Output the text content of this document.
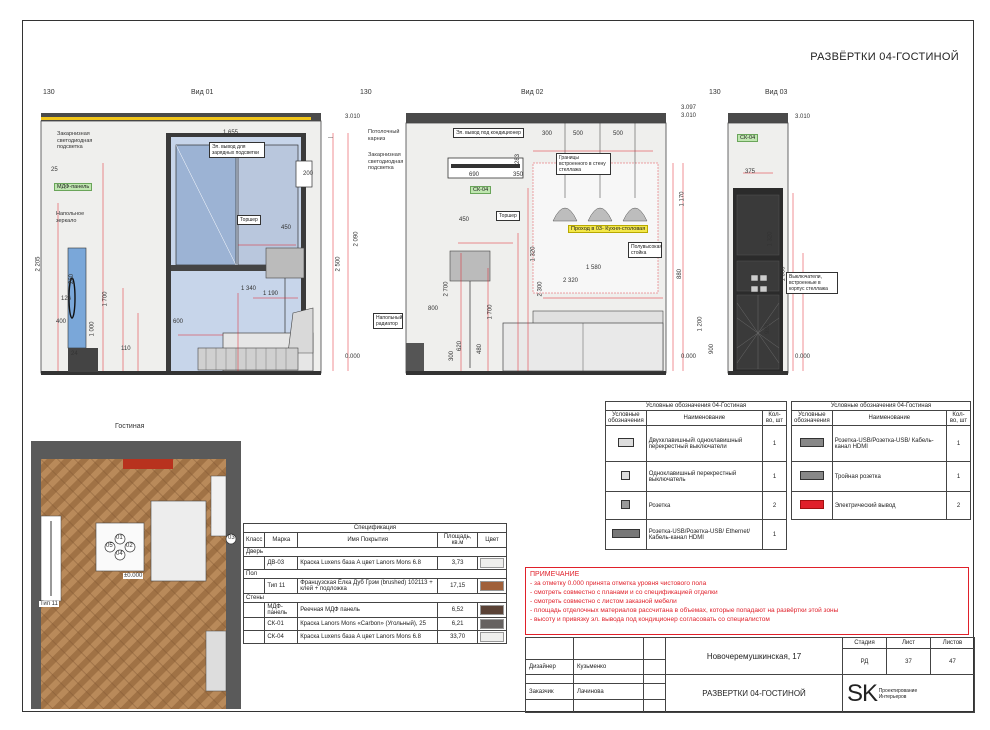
РАЗВЁРТКИ 04-ГОСТИНОЙ
130	Вид 01
—
Закарнизная светодиодная подсветка
МДФ-панель
Напольное зеркало
Эл. вывод для зарядных подсветки
Торшер
1 655
3.010
0.000
2 205
2 090
2 500
1 700
1 340
1 190
1 000	600
400
450
260
200
126
110
25
24
130	Вид 02
Потолочный карниз
Закарнизная светодиодная подсветка
Эл. вывод под кондиционер
Границы встроенного в стену стеллажа
СК-04
Торшер
Проход в 03- Кухня-столовая
Полувысокая стойка
Напольный радиатор
3.097
3.010
0.000
300	500	500
690	350
450
1 580
2 320
2 700	2 300
1 320
1 170
880
800
620
300
480
1 700
283
130	Вид 03
СК-04
Выключатели, встроенные в корпус стеллажа
3.010
0.000
375
1 320
1 200
1 000
980
900
Гостиная
01
02
03
04
05
±0.000
Тип 11
Спецификация				
Класс	Марка	Имя Покрытия	Площадь, кв.м	Цвет
Дверь				
	ДВ-03	Краска Luxens база А цвет Lanors Mons 6.8	3,73	

Пол				
	Тип 11	Французская Ёлка Дуб Грэм (brushed) 102113 + клей + подложка	17,15	

Стены				
	МДФ-панель	Реечная МДФ панель	6,52	

	СК-01	Краска Lanors Mons «Carbon» (Угольный), 25	6,21	

	СК-04	Краска Luxens база А цвет Lanors Mons 6.8	33,70	
Условные обозначения 04-Гостиная		
Условные обозначения	Наименование	Кол-во, шт
	Двухклавишный\ одноклавишный перекрестный выключатели	1
	Одноклавишный перекрестный выключатель	1
	Розетка	2
	Розетка-USB/Розетка-USB/ Ethernet/Кабель-канал HDMI	1
Условные обозначения 04-Гостиная		
Условные обозначения	Наименование	Кол-во, шт
	Розетка-USB/Розетка-USB/ Кабель-канал HDMI	1
	Тройная розетка	1
	Электрический вывод	2
ПРИМЕЧАНИЕ
- за отметку 0.000 принята отметка уровня чистового пола
- смотреть совместно с планами и со спецификацией отделки
- смотреть совместно с листом заказной мебели
- площадь отделочных материалов рассчитана в объемах, которые попадают на развёртки этой зоны
- высоту и привязку эл. вывода под кондиционер согласовать со специалистом
			Новочеремушкинская, 17	Стадия	Лист	Листов
				РД	37	47
Дизайнер	Кузьменко					
			РАЗВЕРТКИ 04-ГОСТИНОЙ	SK Проектирование Интерьеров		
Заказчик	Лачинова					
